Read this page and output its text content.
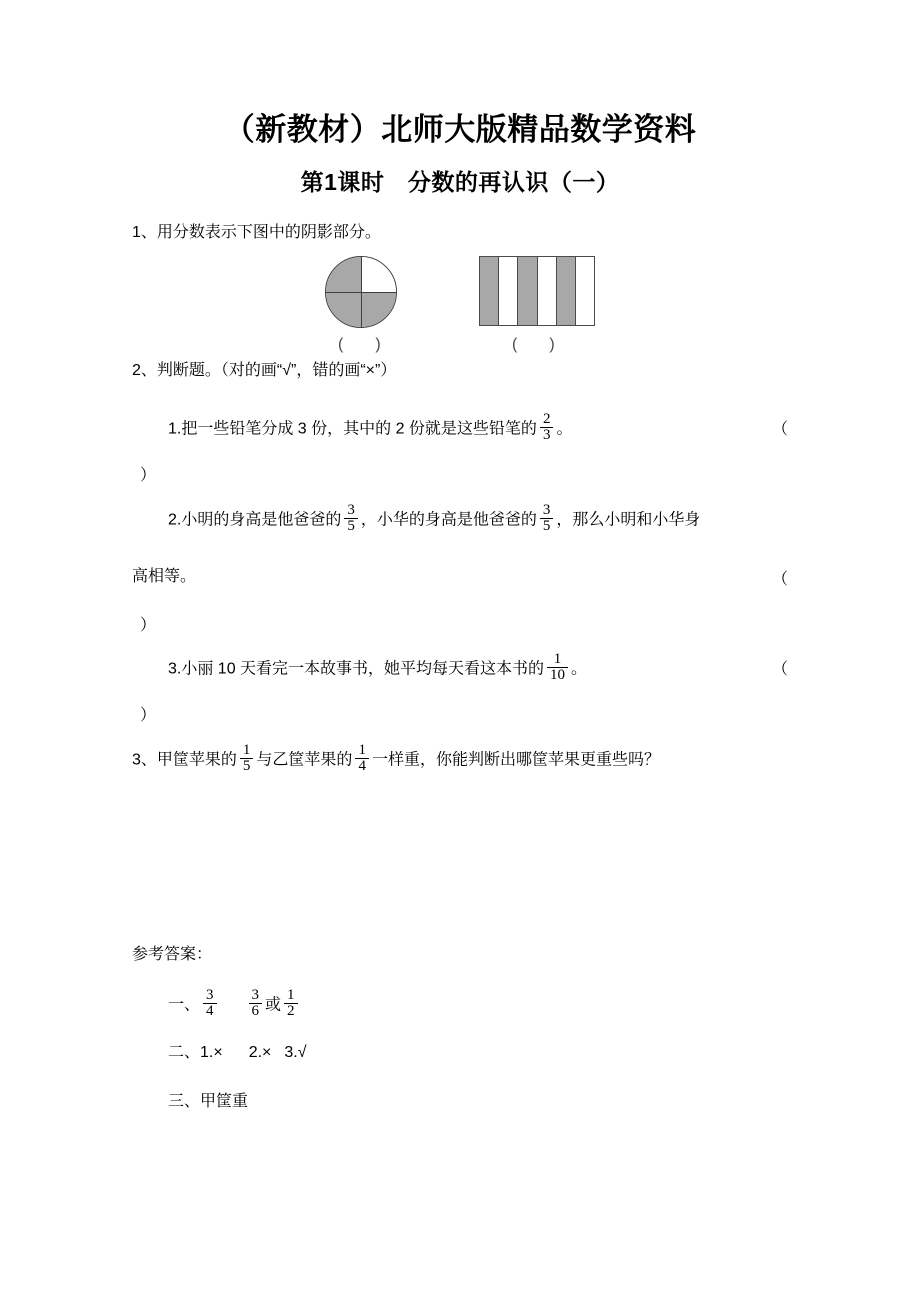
（新教材）北师大版精品数学资料
第1课时　分数的再认识（一）
1、用分数表示下图中的阴影部分。
(　　)	(　　)
2、判断题。（对的画“√”，错的画“×”）
1.把一些铅笔分成 3 份，其中的 2 份就是这些铅笔的 $\frac{2}{3}$ 。	（
）
2.小明的身高是他爸爸的 $\frac{3}{5}$ ，小华的身高是他爸爸的 $\frac{3}{5}$ ，那么小明和小华身
高相等。	（
）
3.小丽 10 天看完一本故事书，她平均每天看这本书的 $\frac{1}{10}$ 。	（
）
3、甲筐苹果的 $\frac{1}{5}$ 与乙筐苹果的 $\frac{1}{4}$ 一样重，你能判断出哪筐苹果更重些吗？
参考答案：
一、 $\frac{3}{4} \frac{3}{6}$ 或 $\frac{1}{2}$
二、1.× 2.× 3.√
三、甲筐重
